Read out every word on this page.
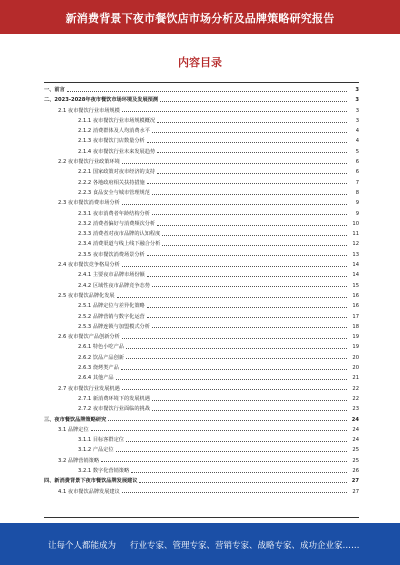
新消费背景下夜市餐饮店市场分析及品牌策略研究报告
内容目录
一、前言	3
二、2023-2028年夜市餐饮市场环境及发展预测	3
2.1 夜市餐饮行业市场规模	3
2.1.1 夜市餐饮行业市场规模概况	3
2.1.2 消费群体及人均消费水平	4
2.1.3 夜市餐饮门店数量分析	4
2.1.4 夜市餐饮行业未来发展趋势	5
2.2 夜市餐饮行业政策环境	6
2.2.1 国家政策对夜市经济的支持	6
2.2.2 各地政府相关扶持措施	7
2.2.3 食品安全与城市管理规范	8
2.3 夜市餐饮消费市场分析	9
2.3.1 夜市消费者年龄结构分析	9
2.3.2 消费者偏好与消费频次分析	10
2.3.3 消费者对夜市品牌的认知程度	11
2.3.4 消费渠道与线上线下融合分析	12
2.3.5 夜市餐饮消费场景分析	13
2.4 夜市餐饮竞争格局分析	14
2.4.1 主要夜市品牌市场份额	14
2.4.2 区域性夜市品牌竞争态势	15
2.5 夜市餐饮品牌化发展	16
2.5.1 品牌定位与差异化策略	16
2.5.2 品牌营销与数字化运营	17
2.5.3 品牌连锁与加盟模式分析	18
2.6 夜市餐饮产品创新分析	19
2.6.1 特色小吃产品	19
2.6.2 饮品产品创新	20
2.6.3 烧烤类产品	20
2.6.4 其他产品	21
2.7 夜市餐饮行业发展机遇	22
2.7.1 新消费环境下的发展机遇	22
2.7.2 夜市餐饮行业面临的挑战	23
三、夜市餐饮品牌策略研究	24
3.1 品牌定位	24
3.1.1 目标客群定位	24
3.1.2 产品定位	25
3.2 品牌营销策略	25
3.2.1 数字化营销策略	26
四、新消费背景下夜市餐饮品牌发展建议	27
4.1 夜市餐饮品牌发展建议	27
让每个人都能成为 行业专家、管理专家、营销专家、战略专家、成功企业家……
